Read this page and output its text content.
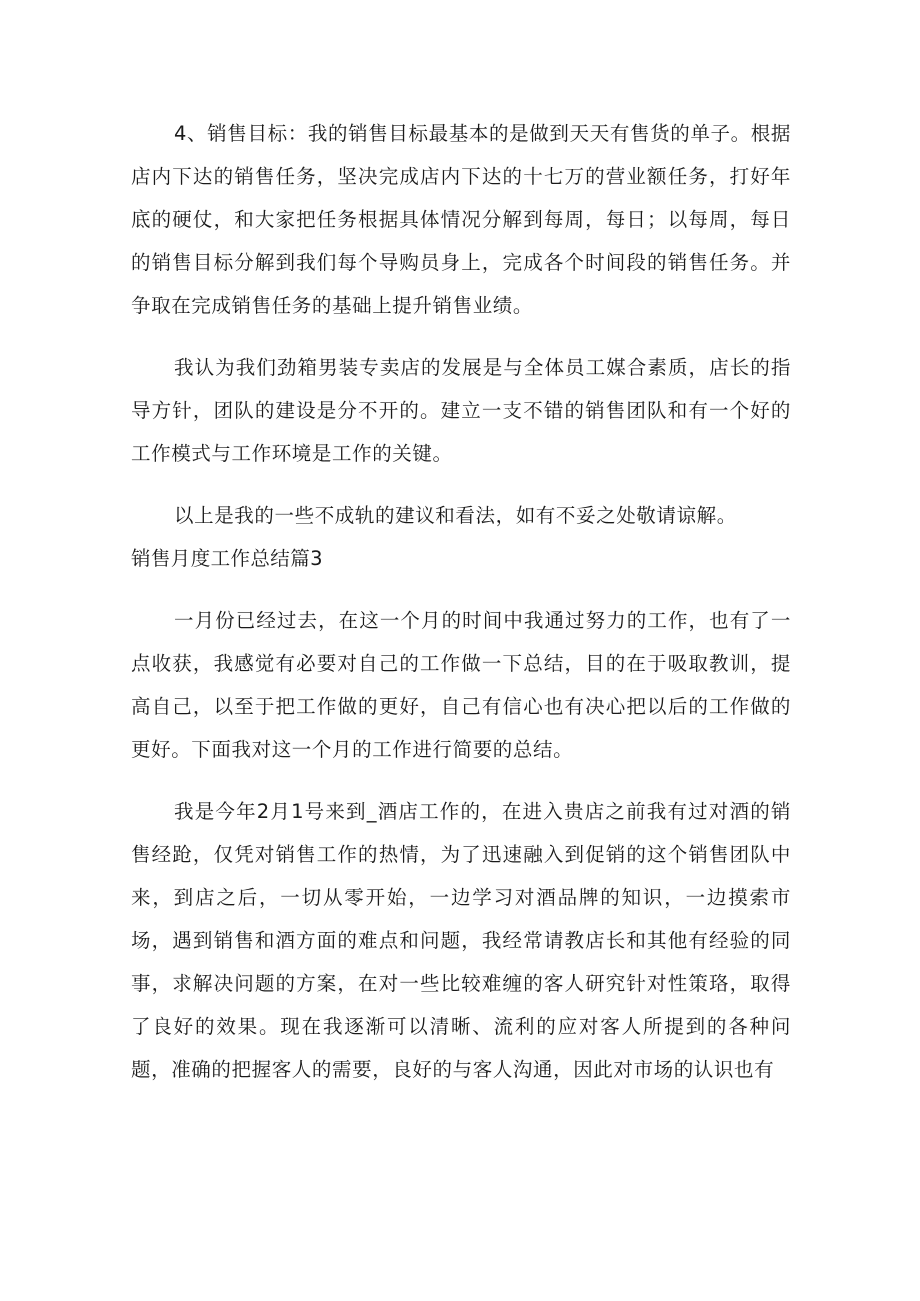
4、销售目标：我的销售目标最基本的是做到天天有售货的单子。根据店内下达的销售任务，坚决完成店内下达的十七万的营业额任务，打好年底的硬仗，和大家把任务根据具体情况分解到每周，每日；以每周，每日的销售目标分解到我们每个导购员身上，完成各个时间段的销售任务。并争取在完成销售任务的基础上提升销售业绩。

我认为我们劲箱男装专卖店的发展是与全体员工媒合素质，店长的指导方针，团队的建设是分不开的。建立一支不错的销售团队和有一个好的工作模式与工作环境是工作的关键。

以上是我的一些不成轨的建议和看法，如有不妥之处敬请谅解。

销售月度工作总结篇3

一月份已经过去，在这一个月的时间中我通过努力的工作，也有了一点收获，我感觉有必要对自己的工作做一下总结，目的在于吸取教训，提高自己，以至于把工作做的更好，自己有信心也有决心把以后的工作做的更好。下面我对这一个月的工作进行简要的总结。

我是今年2月1号来到_酒店工作的，在进入贵店之前我有过对酒的销售经跄，仅凭对销售工作的热情，为了迅速融入到促销的这个销售团队中来，到店之后，一切从零开始，一边学习对酒品牌的知识，一边摸索市场，遇到销售和酒方面的难点和问题，我经常请教店长和其他有经验的同事，求解决问题的方案，在对一些比较难缠的客人研究针对性策珞，取得了良好的效果。现在我逐渐可以清晰、流利的应对客人所提到的各种问题，准确的把握客人的需要，良好的与客人沟通，因此对市场的认识也有
